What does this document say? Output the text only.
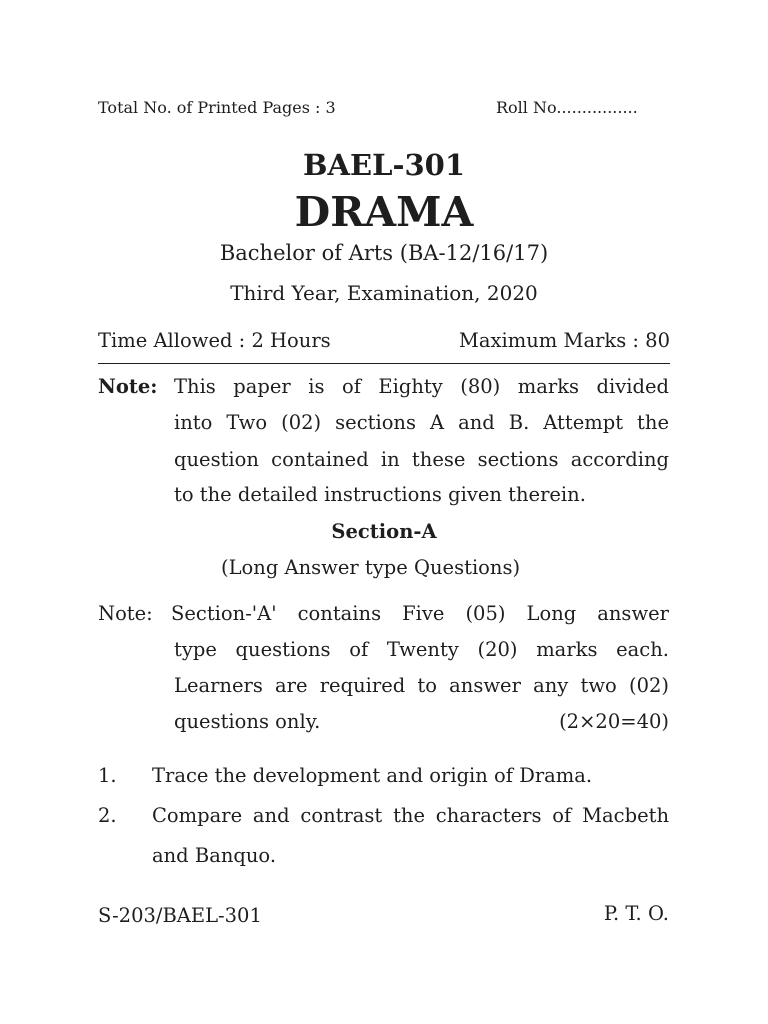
Total No. of Printed Pages : 3	Roll No................
BAEL-301
DRAMA
Bachelor of Arts (BA-12/16/17)
Third Year, Examination, 2020
Time Allowed : 2 Hours	Maximum Marks : 80
Note: This paper is of Eighty (80) marks divided
into Two (02) sections A and B. Attempt the
question contained in these sections according
to the detailed instructions given therein.
Section-A
(Long Answer type Questions)
Note: Section-'A' contains Five (05) Long answer
type questions of Twenty (20) marks each.
Learners are required to answer any two (02)
questions only.	(2×20=40)
1. Trace the development and origin of Drama.
2. Compare and contrast the characters of Macbeth
and Banquo.
S-203/BAEL-301	P. T. O.
